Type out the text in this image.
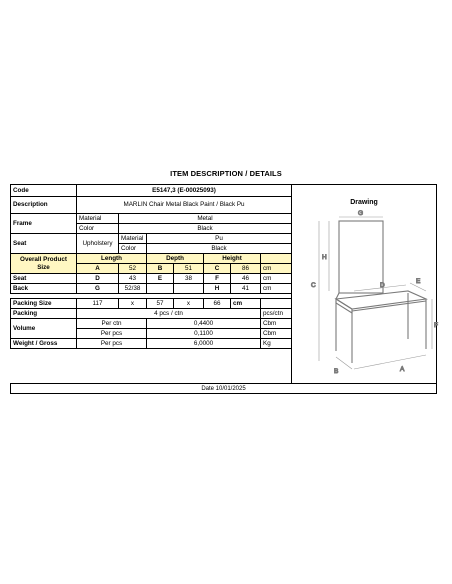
ITEM DESCRIPTION / DETAILS
Code	E5147,3 (E-00025093)						
Description	MARLIN Chair Metal Black Paint / Black Pu						
Frame	Material	Metal					
	Color	Black					
Seat	Upholstery	Material	Pu				
		Color	Black				
Overall Product Size	Length		Depth		Height		
	A	52	B	51	C	86	cm
Seat	D	43	E	38	F	46	cm
Back	G	52/38			H	41	cm

Packing Size	117	x	57	x	66	cm	
Packing	4 pcs / ctn						pcs/ctn
Volume	Per ctn		0,4400				Cbm
	Per pcs		0,1100				Cbm
Weight / Gross	Per pcs		6,0000				Kg
Drawing
G
H
C
F
D
E
B	A
Date 10/01/2025
